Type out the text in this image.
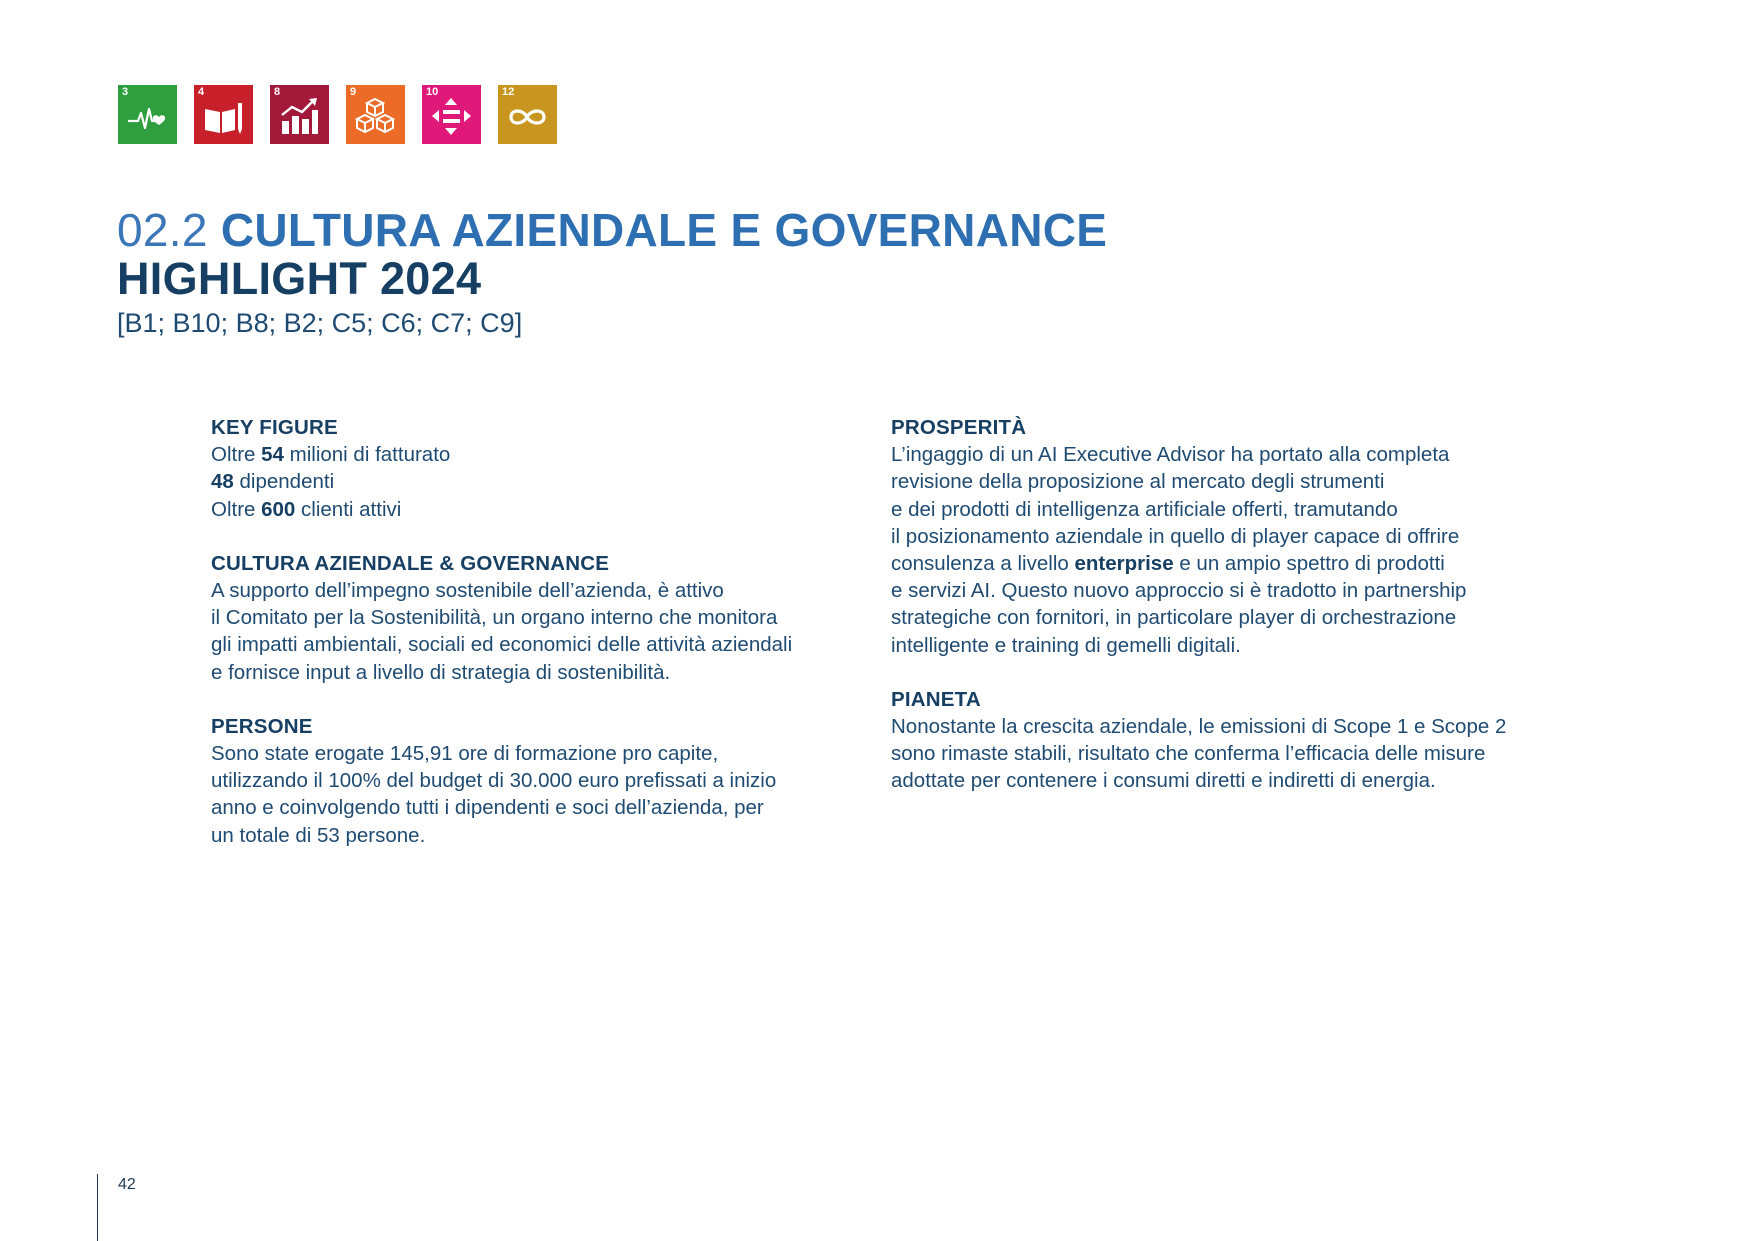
3	4	8	9	10	12
02.2 CULTURA AZIENDALE E GOVERNANCE
HIGHLIGHT 2024
[B1; B10; B8; B2; C5; C6; C7; C9]
KEY FIGURE

Oltre 54 milioni di fatturato

48 dipendenti

Oltre 600 clienti attivi

CULTURA AZIENDALE & GOVERNANCE

A supporto dell’impegno sostenibile dell’azienda, è attivo

il Comitato per la Sostenibilità, un organo interno che monitora

gli impatti ambientali, sociali ed economici delle attività aziendali

e fornisce input a livello di strategia di sostenibilità.

PERSONE

Sono state erogate 145,91 ore di formazione pro capite,

utilizzando il 100% del budget di 30.000 euro prefissati a inizio

anno e coinvolgendo tutti i dipendenti e soci dell’azienda, per

un totale di 53 persone.

PROSPERITÀ

L’ingaggio di un AI Executive Advisor ha portato alla completa

revisione della proposizione al mercato degli strumenti

e dei prodotti di intelligenza artificiale offerti, tramutando

il posizionamento aziendale in quello di player capace di offrire

consulenza a livello enterprise e un ampio spettro di prodotti

e servizi AI. Questo nuovo approccio si è tradotto in partnership

strategiche con fornitori, in particolare player di orchestrazione

intelligente e training di gemelli digitali.

PIANETA

Nonostante la crescita aziendale, le emissioni di Scope 1 e Scope 2

sono rimaste stabili, risultato che conferma l’efficacia delle misure

adottate per contenere i consumi diretti e indiretti di energia.

42
